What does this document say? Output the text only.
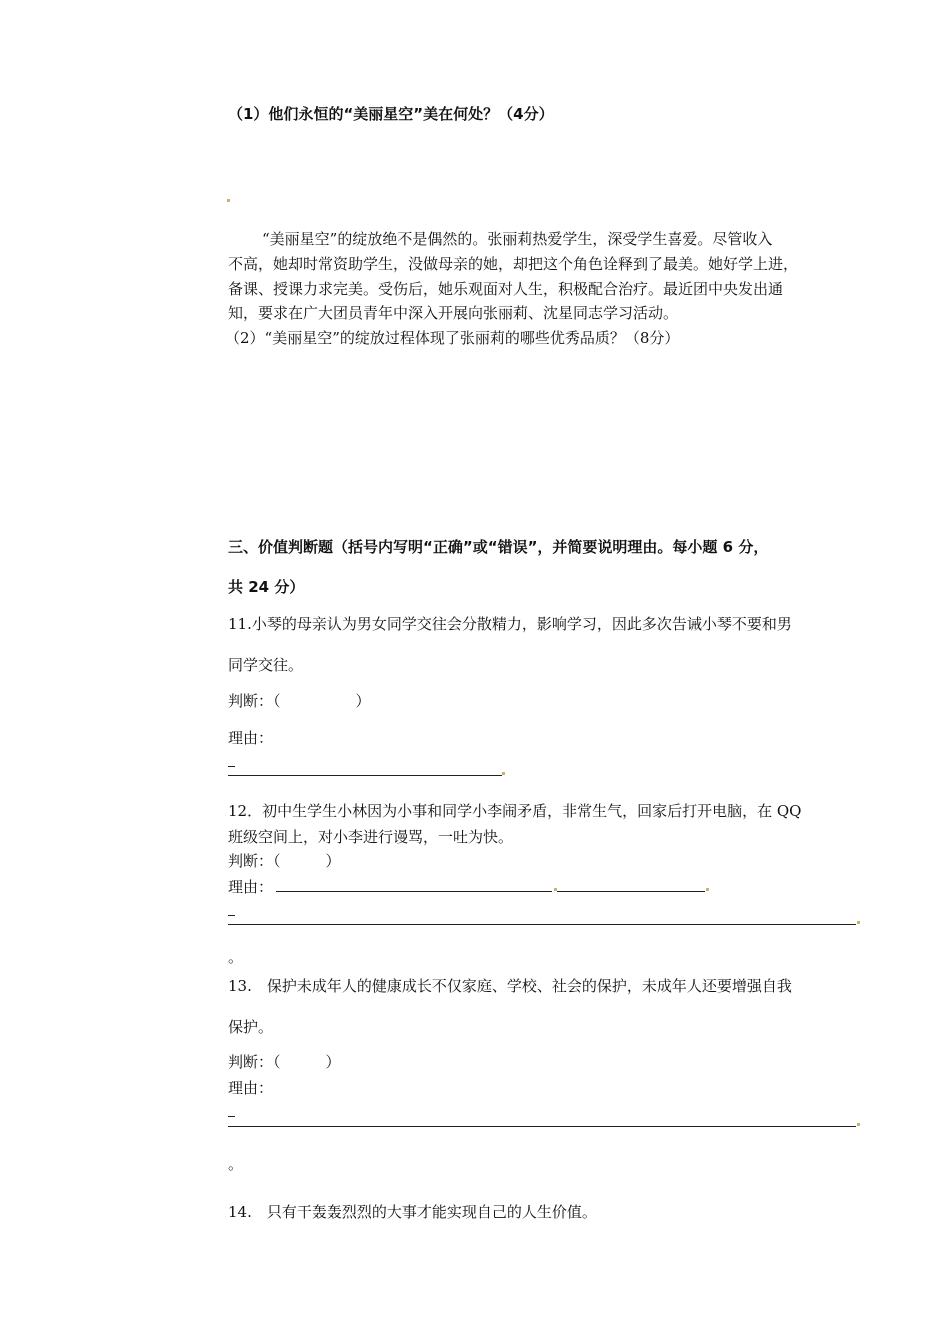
（1）他们永恒的“美丽星空”美在何处？（4分）
“美丽星空”的绽放绝不是偶然的。张丽莉热爱学生，深受学生喜爱。尽管收入
不高，她却时常资助学生，没做母亲的她，却把这个角色诠释到了最美。她好学上进，
备课、授课力求完美。受伤后，她乐观面对人生，积极配合治疗。最近团中央发出通
知，要求在广大团员青年中深入开展向张丽莉、沈星同志学习活动。
（2）“美丽星空”的绽放过程体现了张丽莉的哪些优秀品质？（8分）
三、价值判断题（括号内写明“正确”或“错误”，并简要说明理由。每小题 6 分，
共 24 分）
11.小琴的母亲认为男女同学交往会分散精力，影响学习，因此多次告诫小琴不要和男
同学交往。
判断：（　　　　　）
理由：
12．初中生学生小林因为小事和同学小李闹矛盾，非常生气，回家后打开电脑，在 QQ
班级空间上，对小李进行谩骂，一吐为快。
判断：（　　　）
理由：
。
13.　保护未成年人的健康成长不仅家庭、学校、社会的保护，未成年人还要增强自我
保护。
判断：（　　　）
理由：
。
14.　只有干轰轰烈烈的大事才能实现自己的人生价值。
